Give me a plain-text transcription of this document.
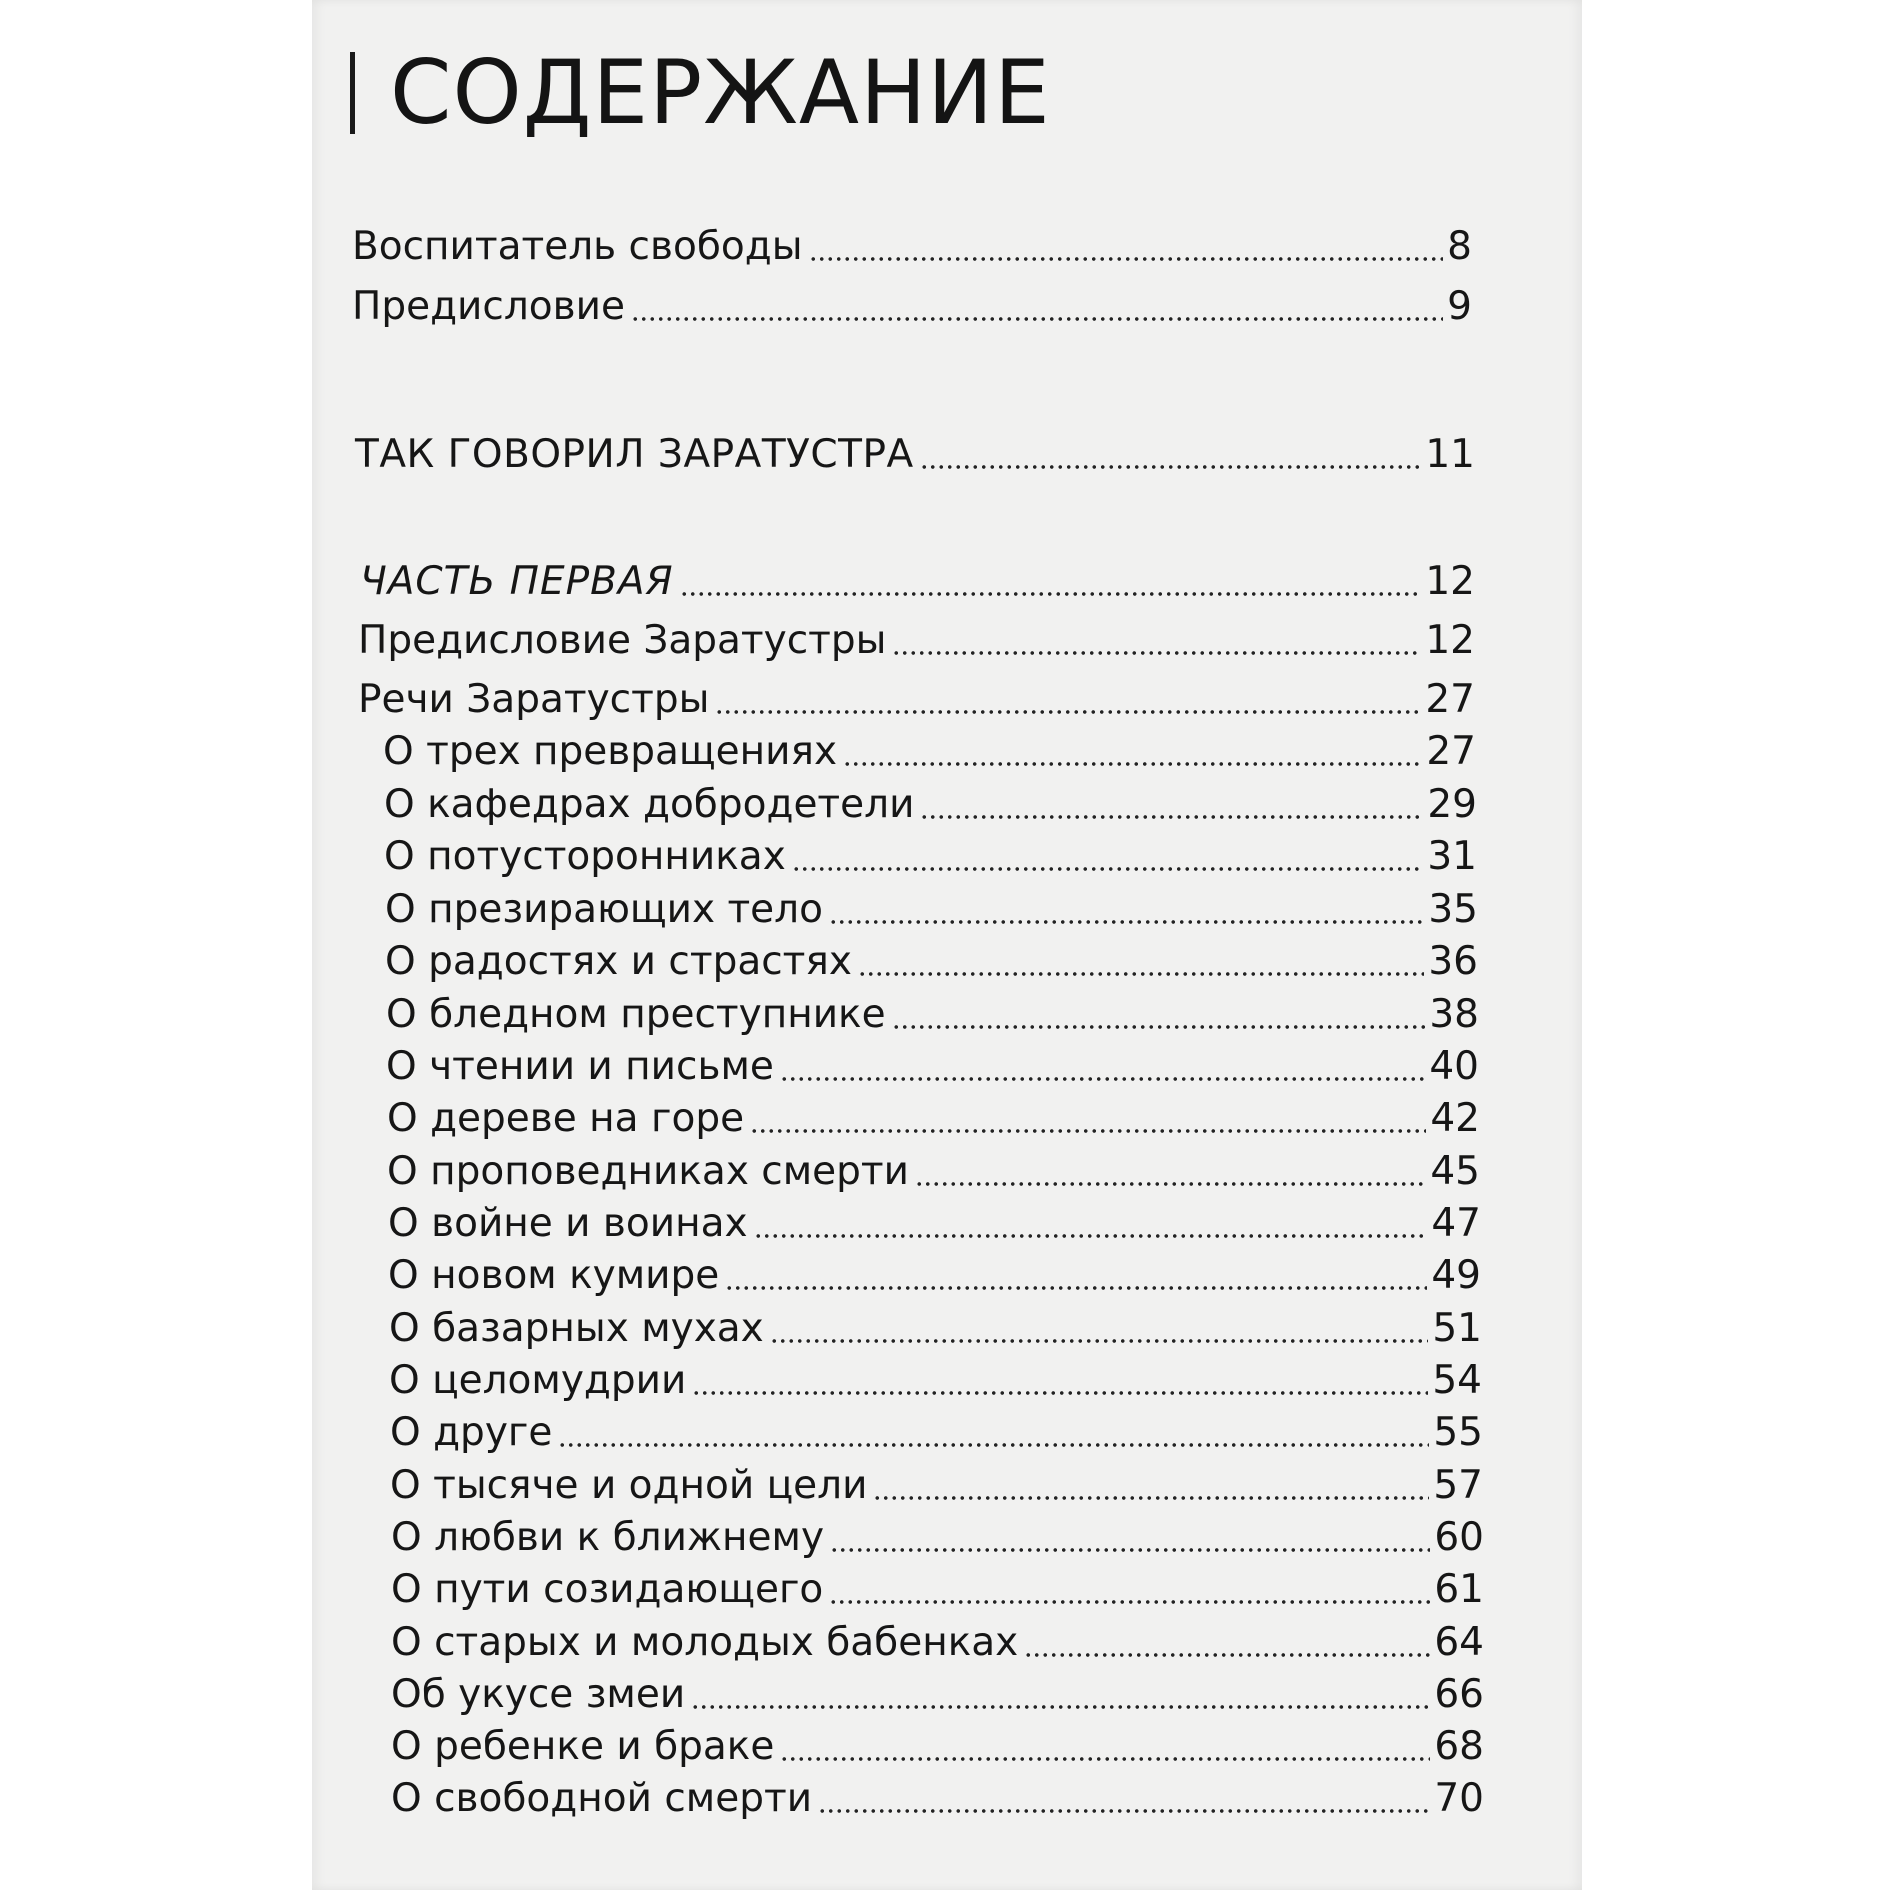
СОДЕРЖАНИЕ
Воспитатель свободы	8
Предисловие	9
ТАК ГОВОРИЛ ЗАРАТУСТРА	11
ЧАСТЬ ПЕРВАЯ	12
Предисловие Заратустры	12
Речи Заратустры	27
О трех превращениях	27
О кафедрах добродетели	29
О потусторонниках	31
О презирающих тело	35
О радостях и страстях	36
О бледном преступнике	38
О чтении и письме	40
О дереве на горе	42
О проповедниках смерти	45
О войне и воинах	47
О новом кумире	49
О базарных мухах	51
О целомудрии	54
О друге	55
О тысяче и одной цели	57
О любви к ближнему	60
О пути созидающего	61
О старых и молодых бабенках	64
Об укусе змеи	66
О ребенке и браке	68
О свободной смерти	70
